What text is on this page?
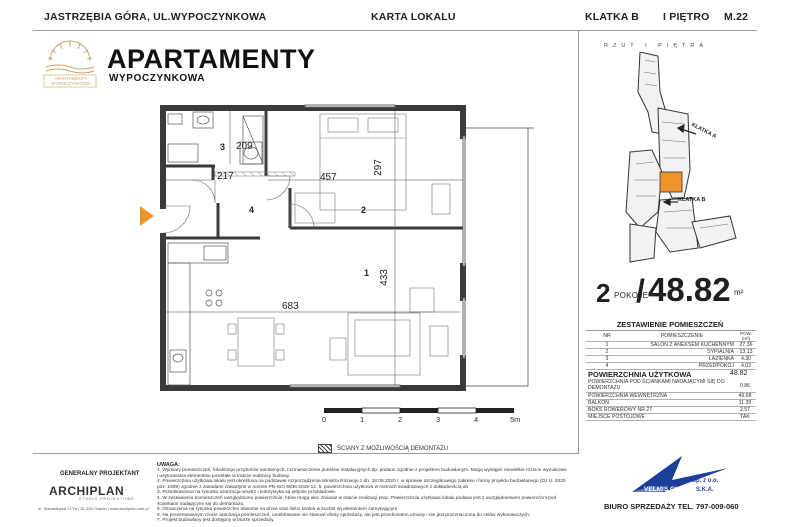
JASTRZĘBIA GÓRA, UL.WYPOCZYNKOWA	KARTA LOKALU	KLATKA B I PIĘTRO M.22
APARTAMENTY WYPOCZYNKOWA
APARTAMENTY
WYPOCZYNKOWA
209
217	457
297
683
433
3
4	2
1
0	1	2	3	4	5m
ŚCIANY Z MOŻLIWOŚCIĄ DEMONTAŻU
RZUT I PIĘTRA
KLATKA A
KLATKA B
2 POKOJE
/ 48.82 m²
ZESTAWIENIE POMIESZCZEŃ
NR	POMIESZCZENIE	POW. (m²)
1	SALON Z ANEKSEM KUCHENNYM	27.36
2	SYPIALNIA	13.13
3	ŁAZIENKA	4.30
4	PRZEDPOKÓJ	4.03
POWIERZCHNIA UŻYTKOWA	48.82
POWIERZCHNIA POD ŚCIANKAMI NADAJĄCYMI SIĘ DO DEMONTAŻU	0.86
POWIERZCHNIA WEWNĘTRZNA	49.68
BALKON	11.39
BOKS ROWEROWY NR 27	2.57
MIEJSCE POSTOJOWE	TAK
UWAGA:
1. Wymiary pomieszczeń, lokalizacje przyborów sanitarnych, rozmieszczenie punktów instalacyjnych itp. podano zgodnie z projektem budowlanym. Mogą wystąpić niewielkie różnice wymiarowe i usytuowania elementów powstałe w trakcie realizacji budowy.
2. Powierzchnia użytkowa lokalu jest określona na podstawie rozporządzenia Ministra Rozwoju z dn. 18.09.2020 r. w sprawie szczegółowego zakresu i formy projektu budowlanego (Dz.U. 2020 poz. 1609) zgodnie z zasadami zawartymi w normie PN-ISO 9836:2015-12. 5. powierzchnia użytkowa w metrach kwadratowych z dokładnością do
3. Przedstawiona na rysunku aranżacja wnętrz i kolorystyka są jedynie przykładowe.
4. W zestawieniu pomieszczeń uwzględniono powierzchnie, które mogą ulec zmianie w trakcie realizacji prac. Powierzchnia użytkowa lokalu podana jest z uwzględnieniem powierzchni pod ściankami nadającymi się do demontażu.
5. Oznaczenia na rysunku powierzchni otworów na drzwi oraz ilości szafek w kuchni są elementem zamykającym.
6. Na prezentowanym rzucie aranżacja pomieszczeń, umeblowanie nie stanowi oferty sprzedaży, nie jest przedmiotem umowy i nie jest przeznaczona do celów wykonawczych.
7. Projekt budowlany jest dostępny w biurze sprzedaży.
GENERALNY PROJEKTANT
ARCHIPLAN
STUDIO PROJEKTOWE
ul. Starowiejska 17/7a | 81-356 Gdynia | www.archiplan.com.pl
VELMIS GK
Sp. z o.o.
S.K.A.
BIURO SPRZEDAŻY TEL. 797-009-060
